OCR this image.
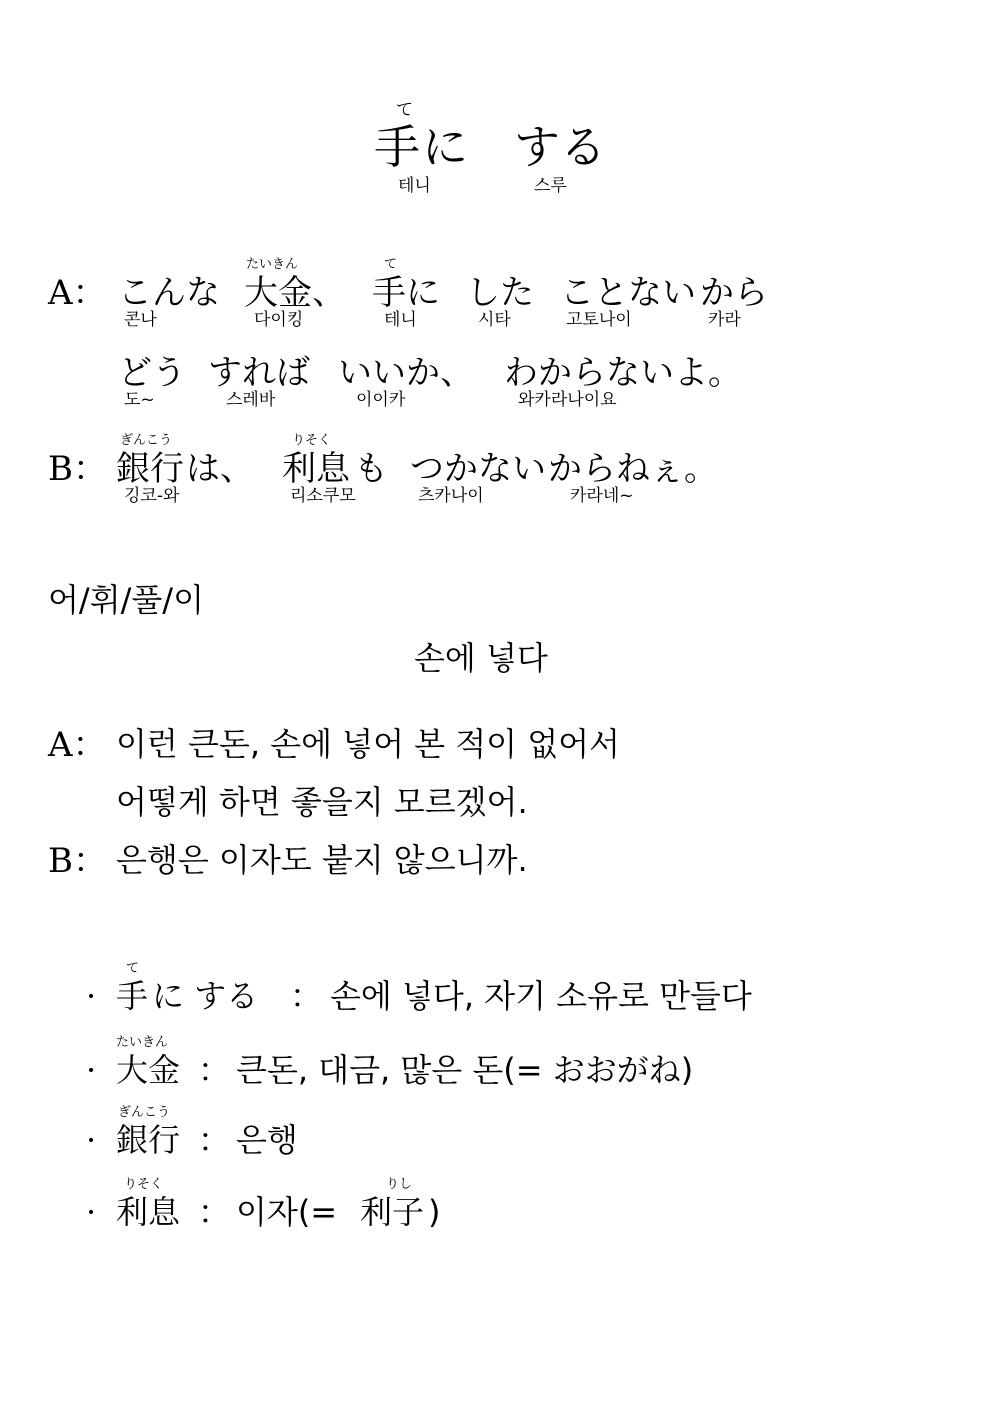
て
手 に する
테니	스루
A： こんな
콘나
たいきん
大金 、
다이킹
て
手 に
테니
した
시타
ことない
고토나이
から
카라
どう
도~
すれば
스레바
いいか、
이이카
わからないよ。
와카라나이요
B：
ぎんこう
銀行 は、
깅코-와
りそく
利息 も
리소쿠모
つかない
츠카나이
からねぇ。
카라네~
어/휘/풀/이
손에 넣다
A： 이런 큰돈, 손에 넣어 본 적이 없어서
어떻게 하면 좋을지 모르겠어.
B： 은행은 이자도 붙지 않으니까.
·
て
手 に する ： 손에 넣다, 자기 소유로 만들다
·
たいきん
大金 ： 큰돈, 대금, 많은 돈(= おおがね)
·
ぎんこう
銀行 ： 은행
·
りそく
利息 ： 이자(=
りし
利子 )
